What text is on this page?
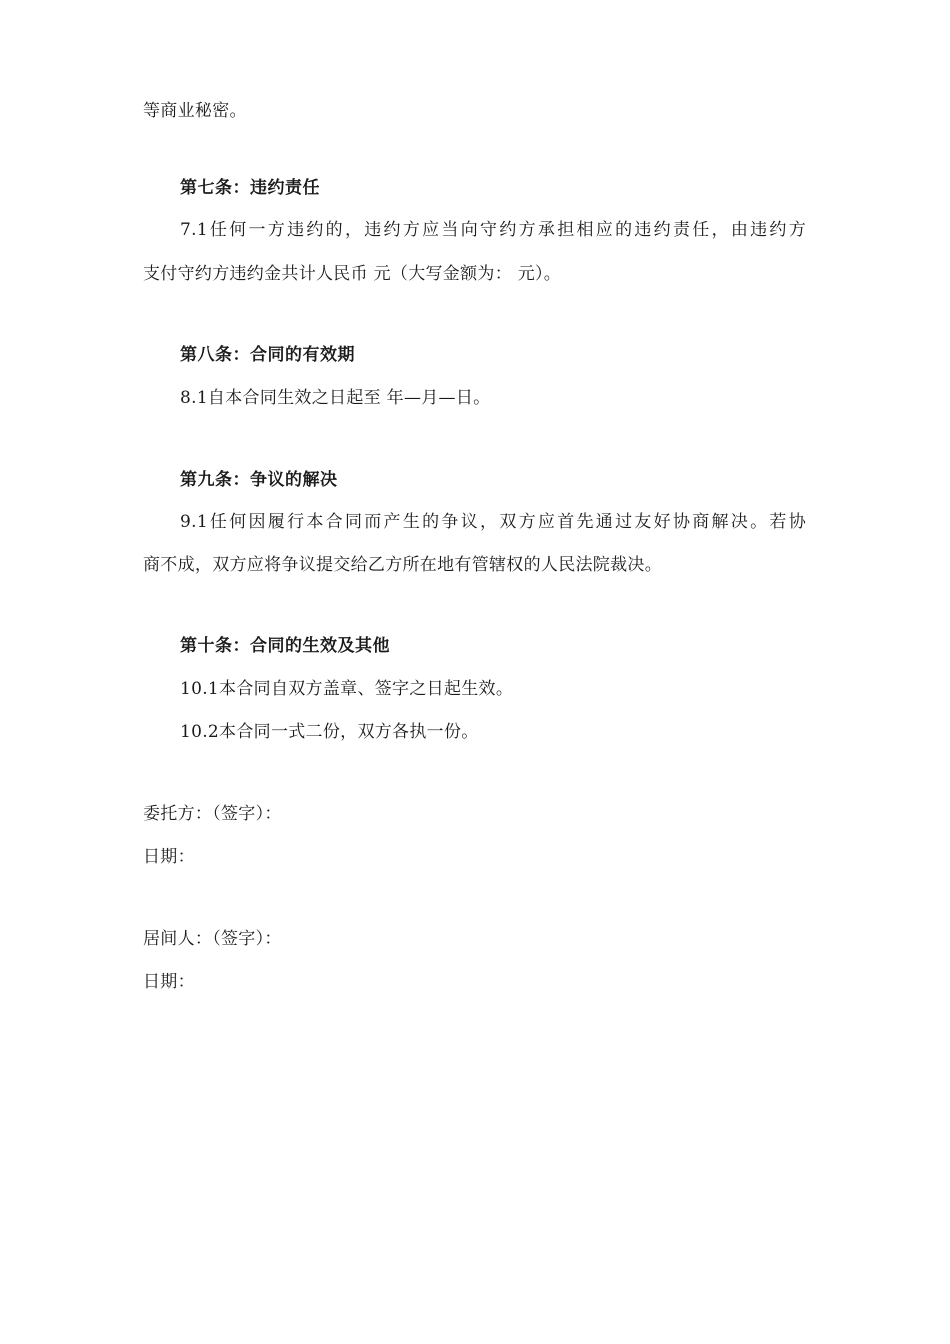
等商业秘密。
第七条：违约责任
7.1任何一方违约的，违约方应当向守约方承担相应的违约责任，由违约方
支付守约方违约金共计人民币 元（大写金额为： 元）。
第八条：合同的有效期
8.1自本合同生效之日起至 年—月—日。
第九条：争议的解决
9.1任何因履行本合同而产生的争议，双方应首先通过友好协商解决。若协
商不成，双方应将争议提交给乙方所在地有管辖权的人民法院裁决。
第十条：合同的生效及其他
10.1本合同自双方盖章、签字之日起生效。
10.2本合同一式二份，双方各执一份。
委托方：（签字）：
日期：
居间人：（签字）：
日期：
